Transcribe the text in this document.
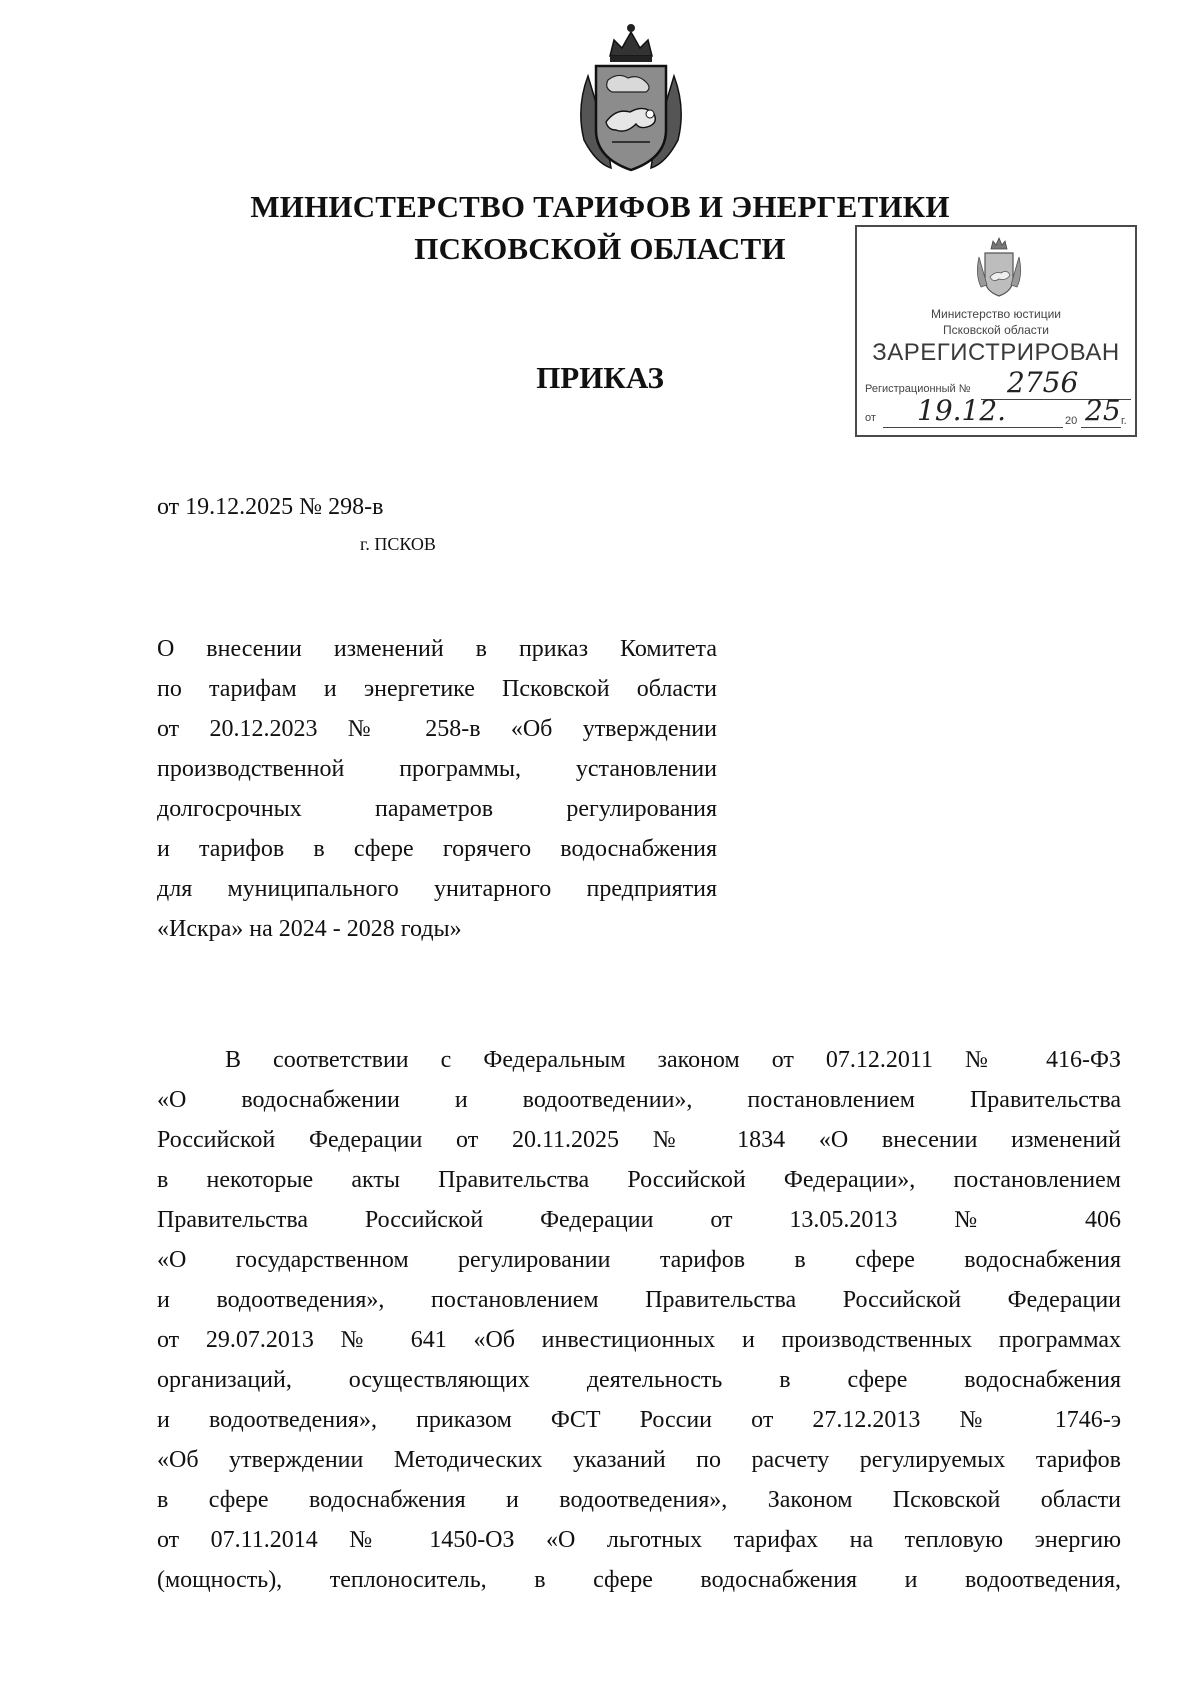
МИНИСТЕРСТВО ТАРИФОВ И ЭНЕРГЕТИКИ
ПСКОВСКОЙ ОБЛАСТИ
Министерство юстиции
Псковской области
ЗАРЕГИСТРИРОВАН
Регистрационный № 2756
от 19.12.	20 25 г.
ПРИКАЗ
от 19.12.2025 № 298-в
г. ПСКОВ
О внесении изменений в приказ Комитета
по тарифам и энергетике Псковской области
от 20.12.2023 № 258-в «Об утверждении
производственной программы, установлении
долгосрочных параметров регулирования
и тарифов в сфере горячего водоснабжения
для муниципального унитарного предприятия
«Искра» на 2024 - 2028 годы»
В соответствии с Федеральным законом от 07.12.2011 № 416-ФЗ
«О водоснабжении и водоотведении», постановлением Правительства
Российской Федерации от 20.11.2025 № 1834 «О внесении изменений
в некоторые акты Правительства Российской Федерации», постановлением
Правительства Российской Федерации от 13.05.2013 № 406
«О государственном регулировании тарифов в сфере водоснабжения
и водоотведения», постановлением Правительства Российской Федерации
от 29.07.2013 № 641 «Об инвестиционных и производственных программах
организаций, осуществляющих деятельность в сфере водоснабжения
и водоотведения», приказом ФСТ России от 27.12.2013 № 1746-э
«Об утверждении Методических указаний по расчету регулируемых тарифов
в сфере водоснабжения и водоотведения», Законом Псковской области
от 07.11.2014 № 1450-ОЗ «О льготных тарифах на тепловую энергию
(мощность), теплоноситель, в сфере водоснабжения и водоотведения,
